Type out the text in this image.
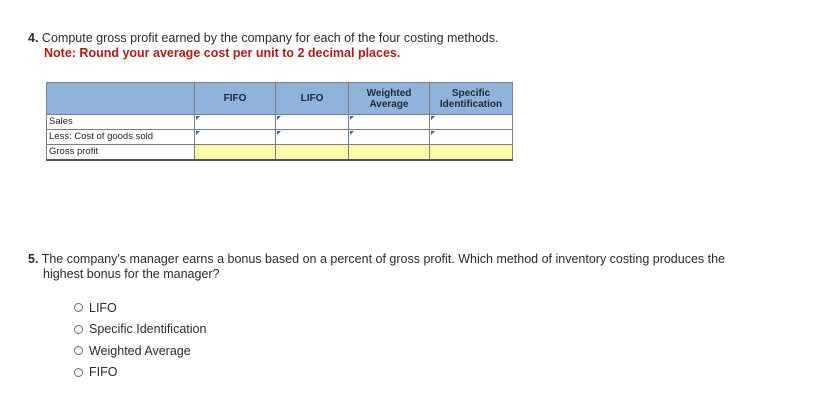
4. Compute gross profit earned by the company for each of the four costing methods.
Note: Round your average cost per unit to 2 decimal places.
	FIFO	LIFO	Weighted Average	Specific Identification
Sales	

Less: Cost of goods sold	

Gross profit				
5. The company's manager earns a bonus based on a percent of gross profit. Which method of inventory costing produces the
highest bonus for the manager?
LIFO
Specific Identification
Weighted Average
FIFO
